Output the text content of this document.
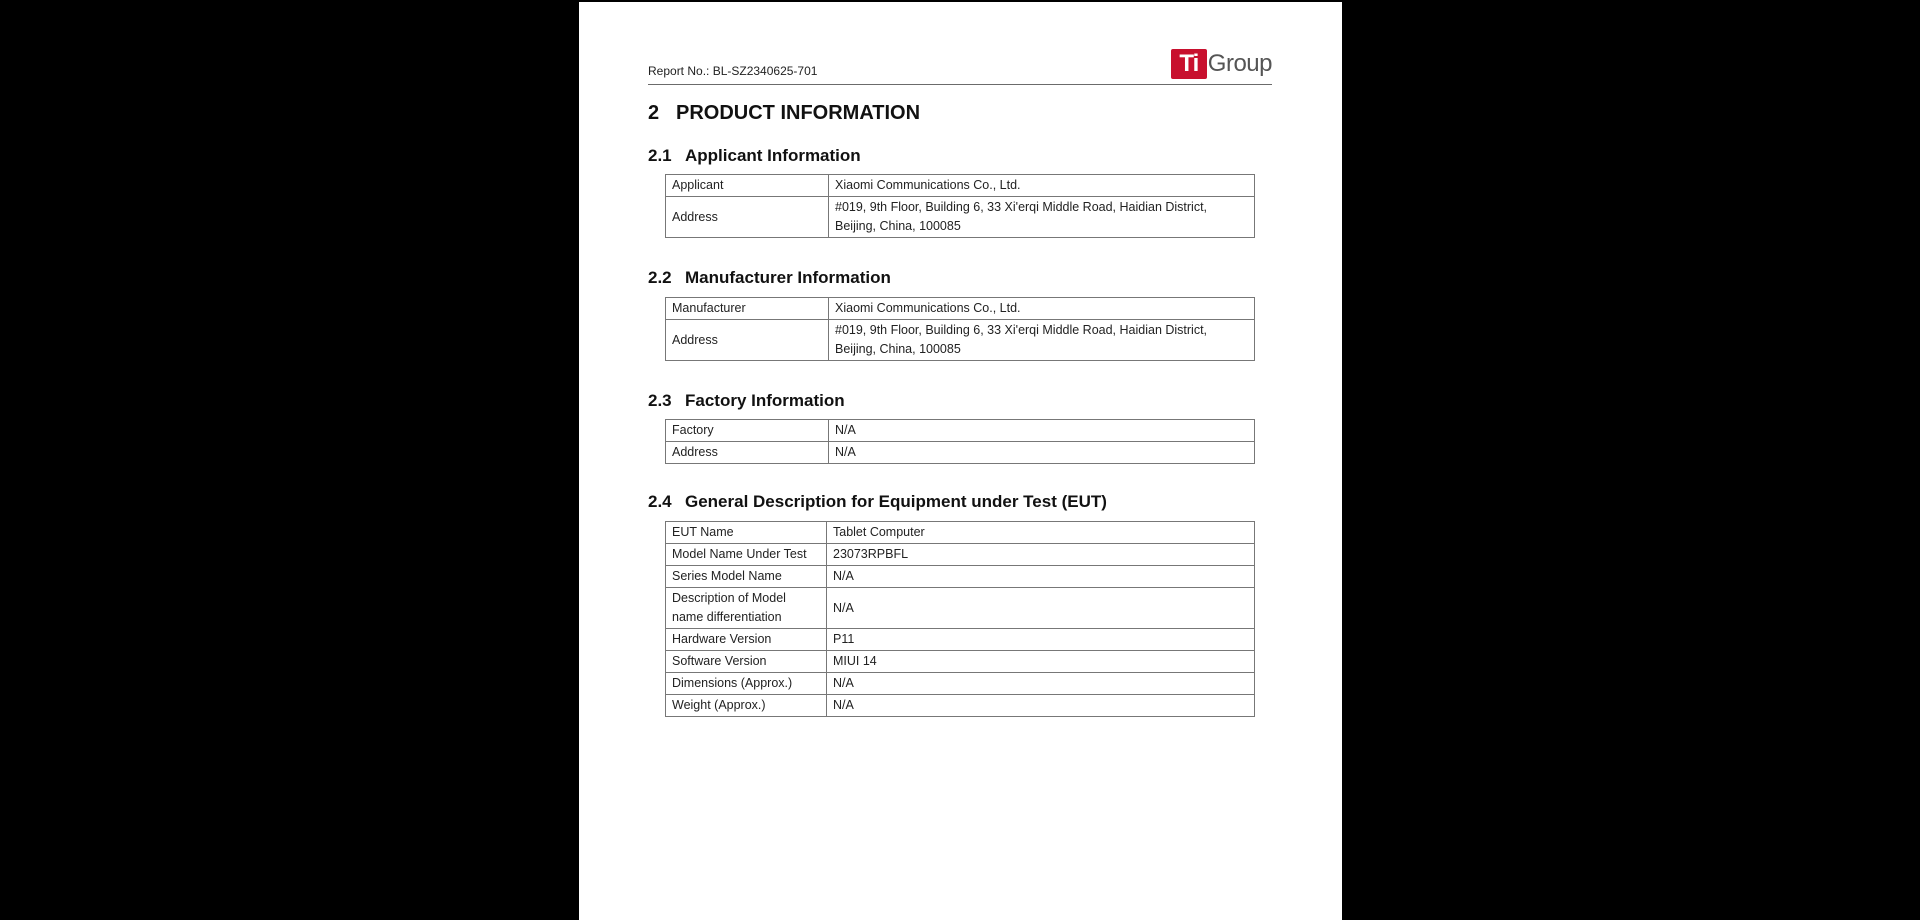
Report No.: BL-SZ2340625-701	Ti Group
2 PRODUCT INFORMATION
2.1 Applicant Information
Applicant	Xiaomi Communications Co., Ltd.
Address	#019, 9th Floor, Building 6, 33 Xi'erqi Middle Road, Haidian District, Beijing, China, 100085
2.2 Manufacturer Information
Manufacturer	Xiaomi Communications Co., Ltd.
Address	#019, 9th Floor, Building 6, 33 Xi'erqi Middle Road, Haidian District, Beijing, China, 100085
2.3 Factory Information
Factory	N/A
Address	N/A
2.4 General Description for Equipment under Test (EUT)
EUT Name	Tablet Computer
Model Name Under Test	23073RPBFL
Series Model Name	N/A
Description of Model name differentiation	N/A
Hardware Version	P11
Software Version	MIUI 14
Dimensions (Approx.)	N/A
Weight (Approx.)	N/A
